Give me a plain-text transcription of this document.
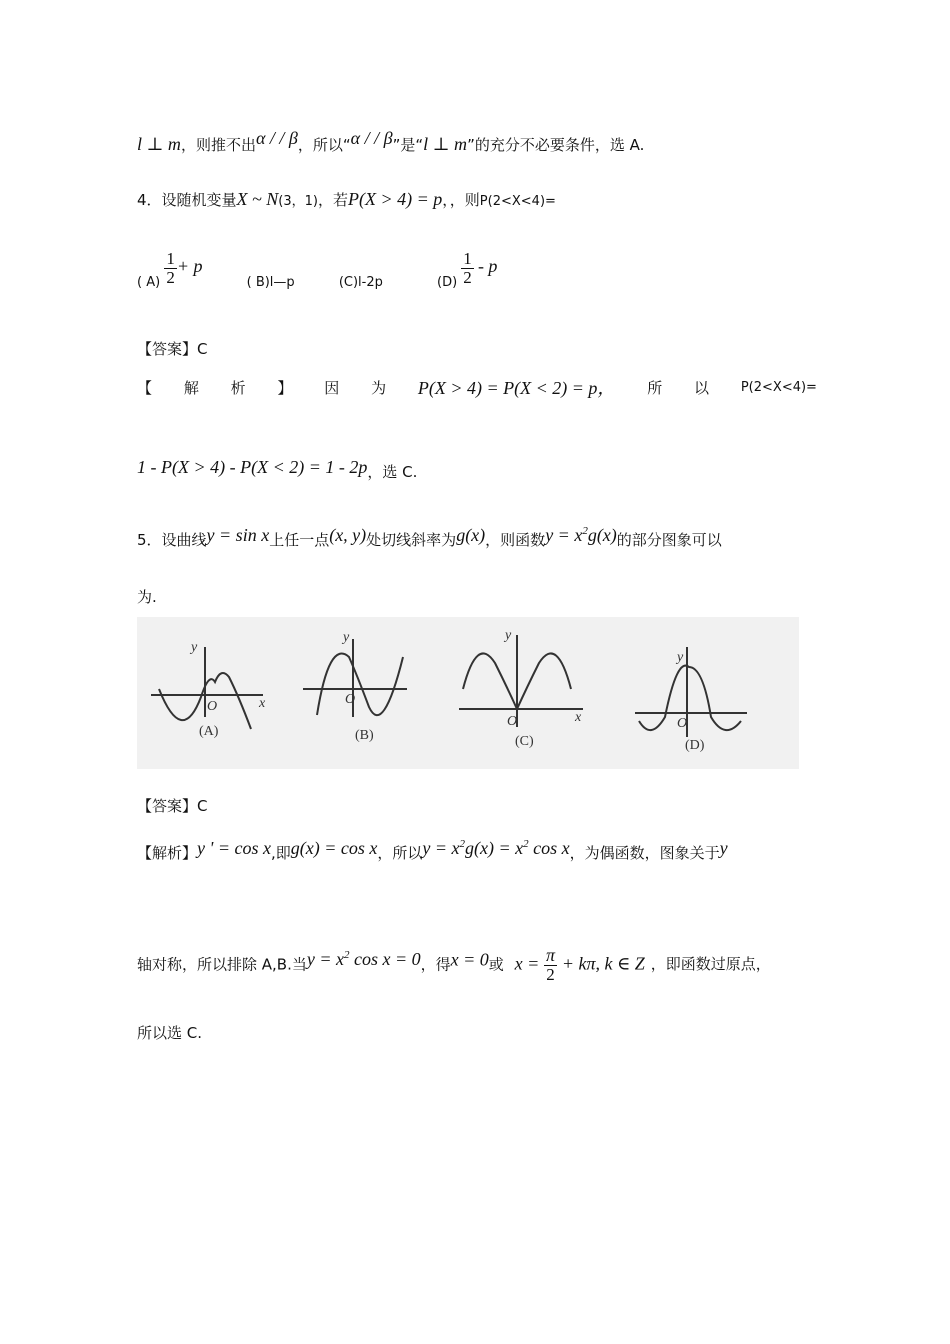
l ⊥ m，则推不出α / / β，所以“α / / β”是“l ⊥ m”的充分不必要条件，选 A.
4．设随机变量X ~ N(3，1)，若P(X > 4) = p，，则P(2<X<4)=
( $A) \frac{1}{2} + p$ ( B)l—p	(C)l-2p	$(D) \frac{1}{2}$ - p
【答案】C
【 解 析 】 因 为 P(X > 4) = P(X < 2) = p， 所 以 P(2<X<4)=
1 - P(X > 4) - P(X < 2) = 1 - 2p，选 C.
5．设曲线y = sin x上任一点(x, y)处切线斜率为g(x)，则函数$y = x^2g(x)$的部分图象可以
为.
y
x
O
(A)
y
O
(B)
y
x
O
(C)
y
O
(D)
【答案】C
【解析】y ' = cos x,即g(x) = cos x，所以$y = x^2g(x) = x^2$ cos x，为偶函数，图象关于y
轴对称，所以排除 A,B.当$y = x^2$ cos x = 0，得x = 0或 $x = \frac{\pi}{2} + k\pi$, k ∈ Z ，即函数过原点，
所以选 C.
